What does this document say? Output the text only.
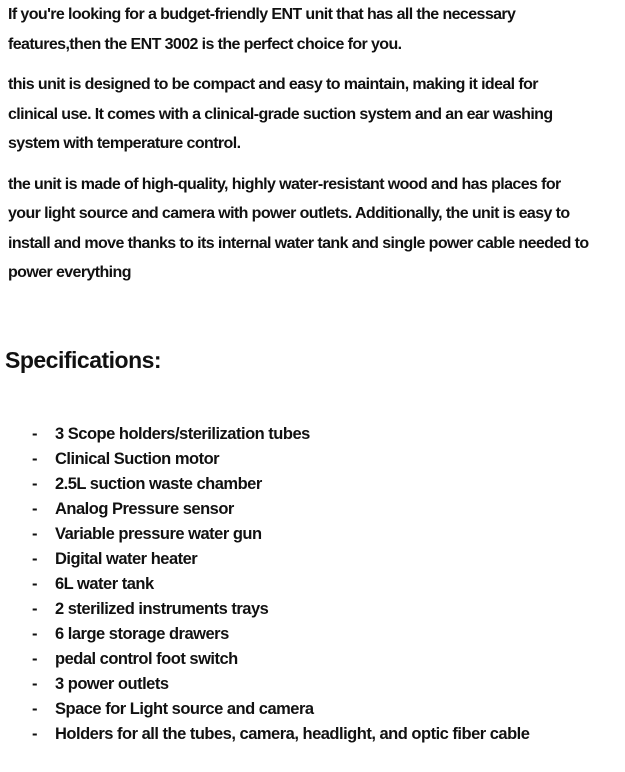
If you're looking for a budget-friendly ENT unit that has all the necessary
features,then the ENT 3002 is the perfect choice for you.

this unit is designed to be compact and easy to maintain, making it ideal for
clinical use. It comes with a clinical-grade suction system and an ear washing
system with temperature control.

the unit is made of high-quality, highly water-resistant wood and has places for
your light source and camera with power outlets. Additionally, the unit is easy to
install and move thanks to its internal water tank and single power cable needed to
power everything

Specifications:
-	3 Scope holders/sterilization tubes
-	Clinical Suction motor
-	2.5L suction waste chamber
-	Analog Pressure sensor
-	Variable pressure water gun
-	Digital water heater
-	6L water tank
-	2 sterilized instruments trays
-	6 large storage drawers
-	pedal control foot switch
-	3 power outlets
-	Space for Light source and camera
-	Holders for all the tubes, camera, headlight, and optic fiber cable
